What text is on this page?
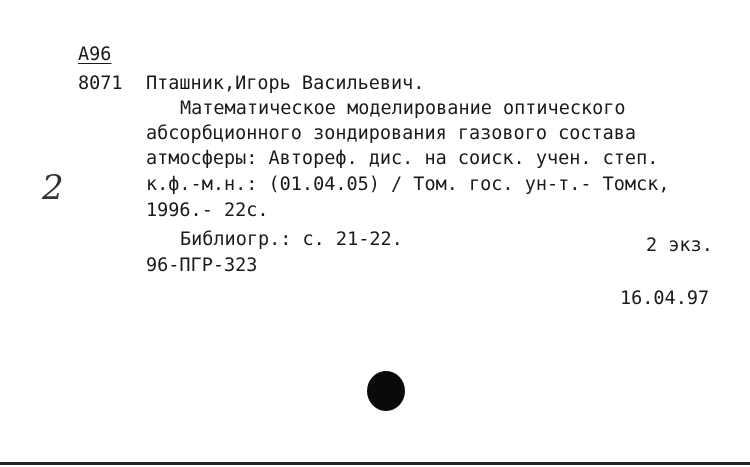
А96
8071 Пташник,Игорь Васильевич.
Математическое моделирование оптического
абсорбционного зондирования газового состава
атмосферы: Автореф. дис. на соиск. учен. степ.
к.ф.-м.н.: (01.04.05) / Том. гос. ун-т.- Томск,
1996.- 22с.
Библиогр.: с. 21-22.	2 экз.
96-ПГР-323
16.04.97
2
